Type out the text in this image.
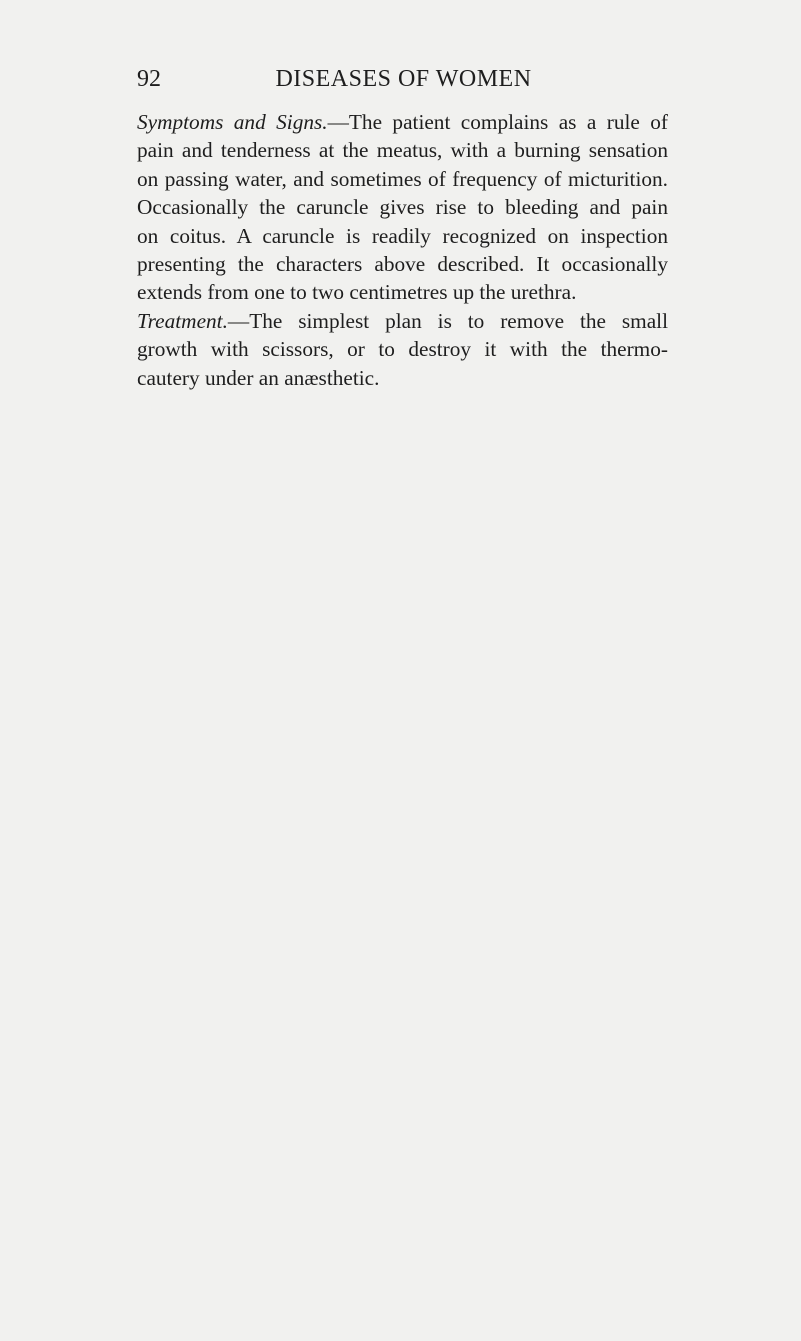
92	DISEASES OF WOMEN
Symptoms and Signs.—The patient complains as a rule of
pain and tenderness at the meatus, with a burning sensation
on passing water, and sometimes of frequency of micturition.
Occasionally the caruncle gives rise to bleeding and pain
on coitus. A caruncle is readily recognized on inspection
presenting the characters above described. It occasionally
extends from one to two centimetres up the urethra.
Treatment.—The simplest plan is to remove the small
growth with scissors, or to destroy it with the thermo-
cautery under an anæsthetic.
